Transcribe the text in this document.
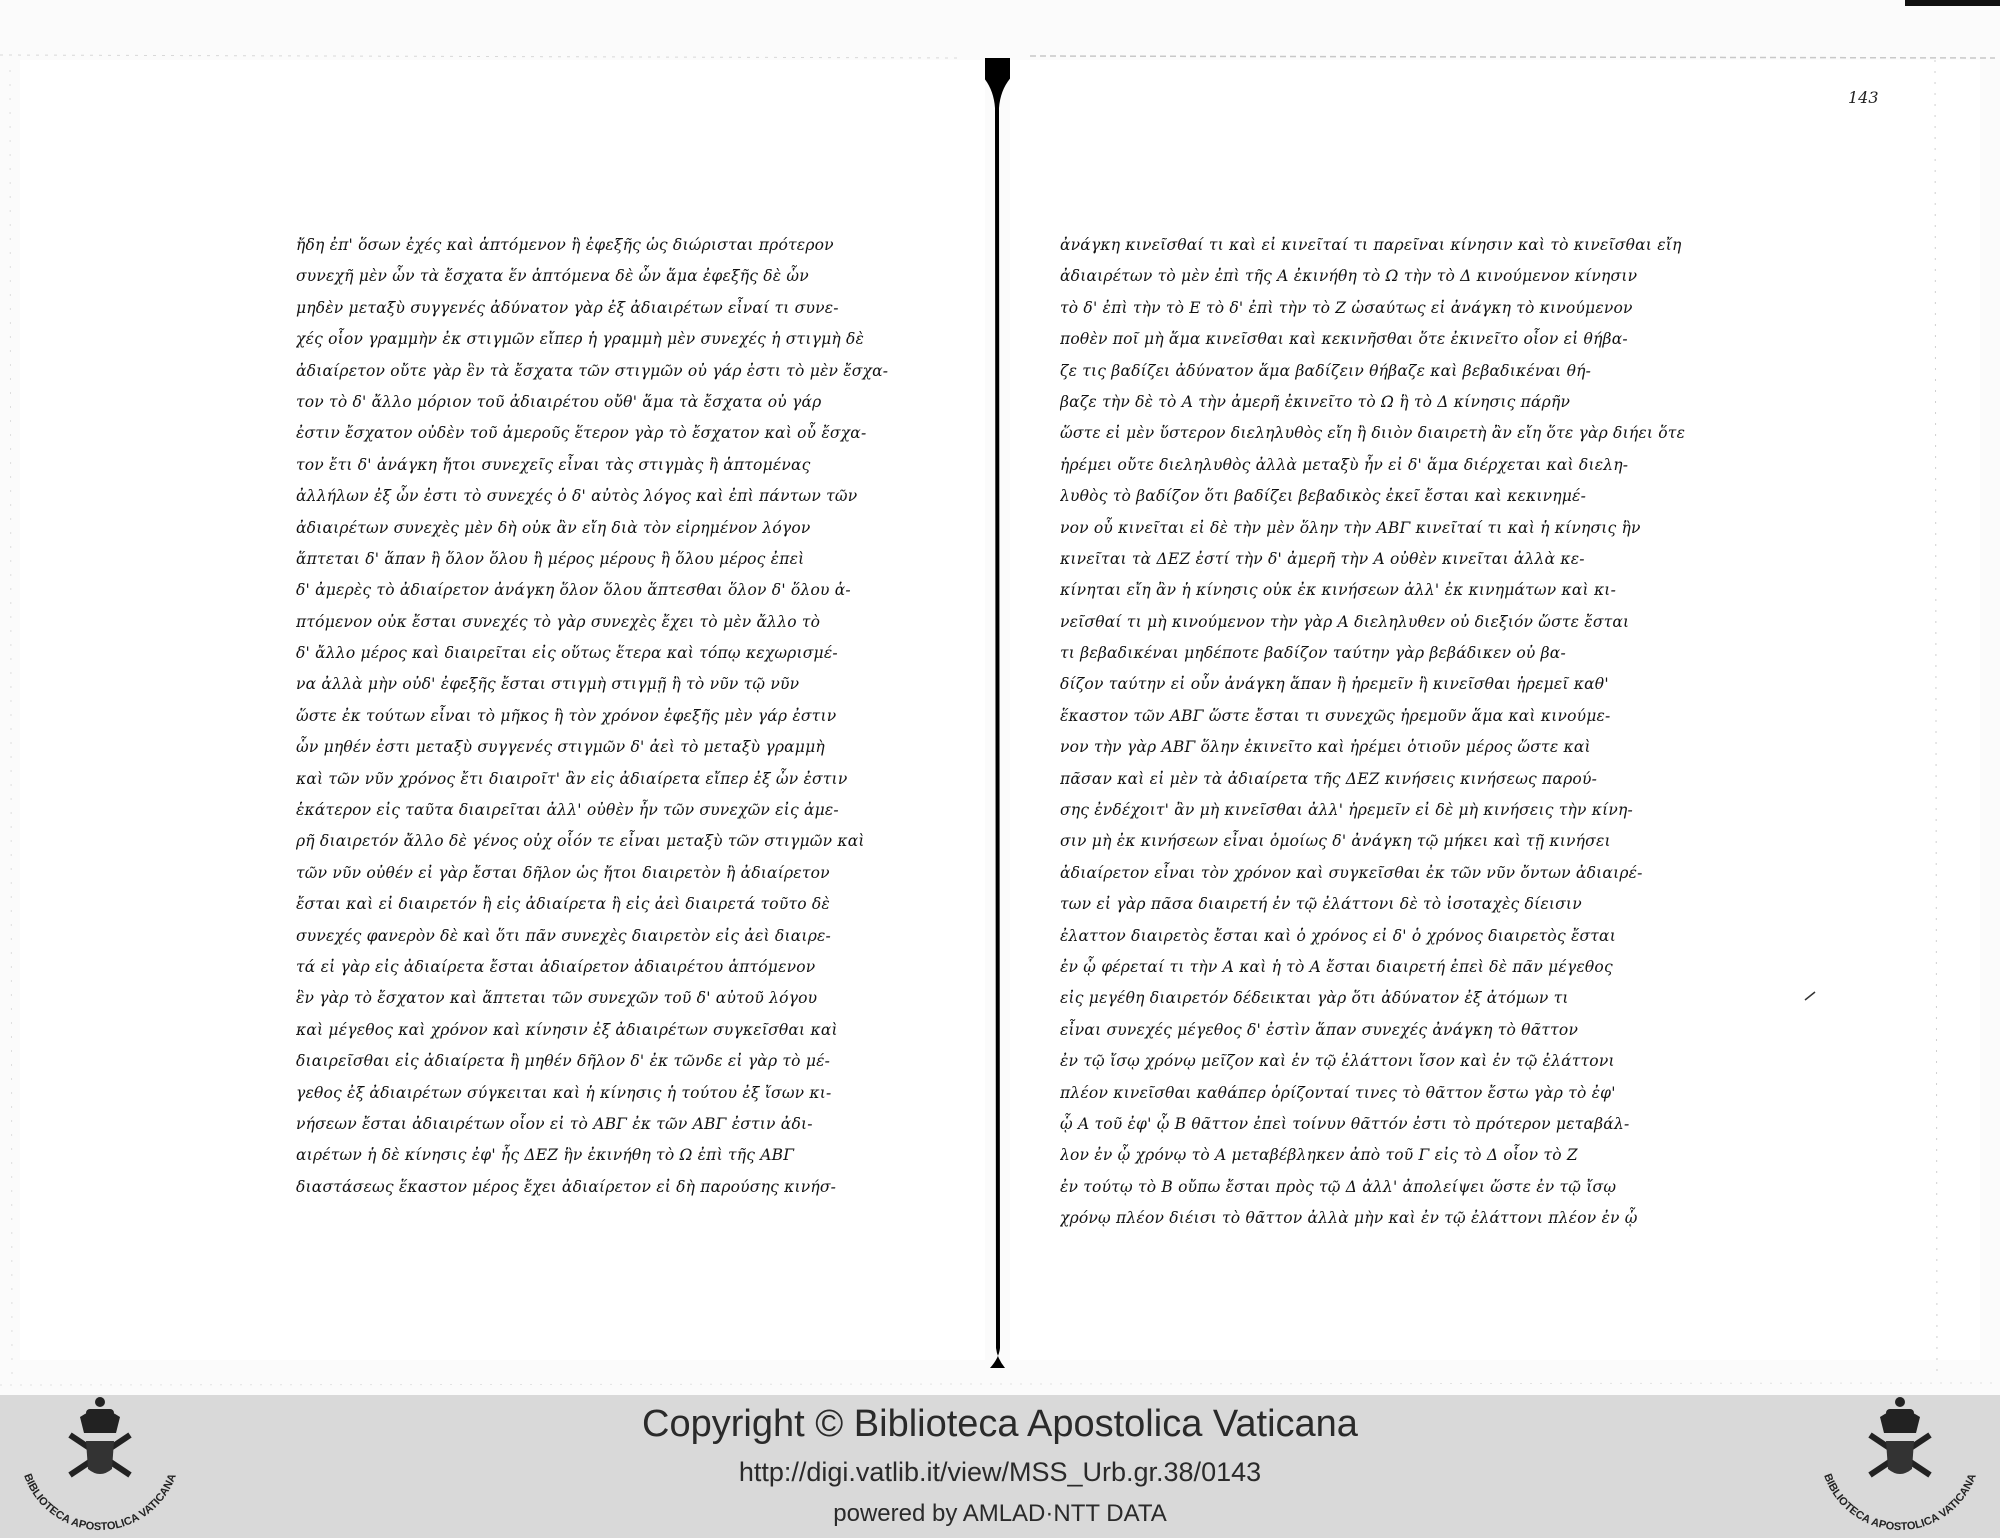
143
ἤδη ἐπ' ὅσων ἐχές καὶ ἁπτόμενον ἢ ἐφεξῆς ὡς διώρισται πρότερον
συνεχῆ μὲν ὧν τὰ ἔσχατα ἕν ἁπτόμενα δὲ ὧν ἅμα ἐφεξῆς δὲ ὧν
μηδὲν μεταξὺ συγγενές ἀδύνατον γὰρ ἐξ ἀδιαιρέτων εἶναί τι συνε-
χές οἷον γραμμὴν ἐκ στιγμῶν εἴπερ ἡ γραμμὴ μὲν συνεχές ἡ στιγμὴ δὲ
ἀδιαίρετον οὔτε γὰρ ἓν τὰ ἔσχατα τῶν στιγμῶν οὐ γάρ ἐστι τὸ μὲν ἔσχα-
τον τὸ δ' ἄλλο μόριον τοῦ ἀδιαιρέτου οὔθ' ἅμα τὰ ἔσχατα οὐ γάρ
ἐστιν ἔσχατον οὐδὲν τοῦ ἀμεροῦς ἕτερον γὰρ τὸ ἔσχατον καὶ οὗ ἔσχα-
τον ἔτι δ' ἀνάγκη ἤτοι συνεχεῖς εἶναι τὰς στιγμὰς ἢ ἁπτομένας
ἀλλήλων ἐξ ὧν ἐστι τὸ συνεχές ὁ δ' αὐτὸς λόγος καὶ ἐπὶ πάντων τῶν
ἀδιαιρέτων συνεχὲς μὲν δὴ οὐκ ἂν εἴη διὰ τὸν εἰρημένον λόγον
ἅπτεται δ' ἅπαν ἢ ὅλον ὅλου ἢ μέρος μέρους ἢ ὅλου μέρος ἐπεὶ
δ' ἀμερὲς τὸ ἀδιαίρετον ἀνάγκη ὅλον ὅλου ἅπτεσθαι ὅλον δ' ὅλου ἁ-
πτόμενον οὐκ ἔσται συνεχές τὸ γὰρ συνεχὲς ἔχει τὸ μὲν ἄλλο τὸ
δ' ἄλλο μέρος καὶ διαιρεῖται εἰς οὕτως ἕτερα καὶ τόπῳ κεχωρισμέ-
να ἀλλὰ μὴν οὐδ' ἐφεξῆς ἔσται στιγμὴ στιγμῇ ἢ τὸ νῦν τῷ νῦν
ὥστε ἐκ τούτων εἶναι τὸ μῆκος ἢ τὸν χρόνον ἐφεξῆς μὲν γάρ ἐστιν
ὧν μηθέν ἐστι μεταξὺ συγγενές στιγμῶν δ' ἀεὶ τὸ μεταξὺ γραμμὴ
καὶ τῶν νῦν χρόνος ἔτι διαιροῖτ' ἂν εἰς ἀδιαίρετα εἴπερ ἐξ ὧν ἐστιν
ἑκάτερον εἰς ταῦτα διαιρεῖται ἀλλ' οὐθὲν ἦν τῶν συνεχῶν εἰς ἀμε-
ρῆ διαιρετόν ἄλλο δὲ γένος οὐχ οἷόν τε εἶναι μεταξὺ τῶν στιγμῶν καὶ
τῶν νῦν οὐθέν εἰ γὰρ ἔσται δῆλον ὡς ἤτοι διαιρετὸν ἢ ἀδιαίρετον
ἔσται καὶ εἰ διαιρετόν ἢ εἰς ἀδιαίρετα ἢ εἰς ἀεὶ διαιρετά τοῦτο δὲ
συνεχές φανερὸν δὲ καὶ ὅτι πᾶν συνεχὲς διαιρετὸν εἰς ἀεὶ διαιρε-
τά εἰ γὰρ εἰς ἀδιαίρετα ἔσται ἀδιαίρετον ἀδιαιρέτου ἁπτόμενον
ἓν γὰρ τὸ ἔσχατον καὶ ἅπτεται τῶν συνεχῶν τοῦ δ' αὐτοῦ λόγου
καὶ μέγεθος καὶ χρόνον καὶ κίνησιν ἐξ ἀδιαιρέτων συγκεῖσθαι καὶ
διαιρεῖσθαι εἰς ἀδιαίρετα ἢ μηθέν δῆλον δ' ἐκ τῶνδε εἰ γὰρ τὸ μέ-
γεθος ἐξ ἀδιαιρέτων σύγκειται καὶ ἡ κίνησις ἡ τούτου ἐξ ἴσων κι-
νήσεων ἔσται ἀδιαιρέτων οἷον εἰ τὸ ΑΒΓ ἐκ τῶν ΑΒΓ ἐστιν ἀδι-
αιρέτων ἡ δὲ κίνησις ἐφ' ἧς ΔΕΖ ἣν ἐκινήθη τὸ Ω ἐπὶ τῆς ΑΒΓ
διαστάσεως ἕκαστον μέρος ἔχει ἀδιαίρετον εἰ δὴ παρούσης κινήσ-
ἀνάγκη κινεῖσθαί τι καὶ εἰ κινεῖταί τι παρεῖναι κίνησιν καὶ τὸ κινεῖσθαι εἴη
ἀδιαιρέτων τὸ μὲν ἐπὶ τῆς Α ἐκινήθη τὸ Ω τὴν τὸ Δ κινούμενον κίνησιν
τὸ δ' ἐπὶ τὴν τὸ Ε τὸ δ' ἐπὶ τὴν τὸ Ζ ὡσαύτως εἰ ἀνάγκη τὸ κινούμενον
ποθὲν ποῖ μὴ ἅμα κινεῖσθαι καὶ κεκινῆσθαι ὅτε ἐκινεῖτο οἷον εἰ θήβα-
ζε τις βαδίζει ἀδύνατον ἅμα βαδίζειν θήβαζε καὶ βεβαδικέναι θή-
βαζε τὴν δὲ τὸ Α τὴν ἀμερῆ ἐκινεῖτο τὸ Ω ἣ τὸ Δ κίνησις πάρῆν
ὥστε εἰ μὲν ὕστερον διεληλυθὸς εἴη ἢ διιὸν διαιρετὴ ἂν εἴη ὅτε γὰρ διήει ὅτε
ἠρέμει οὔτε διεληλυθὸς ἀλλὰ μεταξὺ ἦν εἰ δ' ἅμα διέρχεται καὶ διελη-
λυθὸς τὸ βαδίζον ὅτι βαδίζει βεβαδικὸς ἐκεῖ ἔσται καὶ κεκινημέ-
νον οὗ κινεῖται εἰ δὲ τὴν μὲν ὅλην τὴν ΑΒΓ κινεῖταί τι καὶ ἡ κίνησις ἣν
κινεῖται τὰ ΔΕΖ ἐστί τὴν δ' ἀμερῆ τὴν Α οὐθὲν κινεῖται ἀλλὰ κε-
κίνηται εἴη ἂν ἡ κίνησις οὐκ ἐκ κινήσεων ἀλλ' ἐκ κινημάτων καὶ κι-
νεῖσθαί τι μὴ κινούμενον τὴν γὰρ Α διεληλυθεν οὐ διεξιόν ὥστε ἔσται
τι βεβαδικέναι μηδέποτε βαδίζον ταύτην γὰρ βεβάδικεν οὐ βα-
δίζον ταύτην εἰ οὖν ἀνάγκη ἅπαν ἢ ἠρεμεῖν ἢ κινεῖσθαι ἠρεμεῖ καθ'
ἕκαστον τῶν ΑΒΓ ὥστε ἔσται τι συνεχῶς ἠρεμοῦν ἅμα καὶ κινούμε-
νον τὴν γὰρ ΑΒΓ ὅλην ἐκινεῖτο καὶ ἠρέμει ὁτιοῦν μέρος ὥστε καὶ
πᾶσαν καὶ εἰ μὲν τὰ ἀδιαίρετα τῆς ΔΕΖ κινήσεις κινήσεως παρού-
σης ἐνδέχοιτ' ἂν μὴ κινεῖσθαι ἀλλ' ἠρεμεῖν εἰ δὲ μὴ κινήσεις τὴν κίνη-
σιν μὴ ἐκ κινήσεων εἶναι ὁμοίως δ' ἀνάγκη τῷ μήκει καὶ τῇ κινήσει
ἀδιαίρετον εἶναι τὸν χρόνον καὶ συγκεῖσθαι ἐκ τῶν νῦν ὄντων ἀδιαιρέ-
των εἰ γὰρ πᾶσα διαιρετή ἐν τῷ ἐλάττονι δὲ τὸ ἰσοταχὲς δίεισιν
ἐλαττον διαιρετὸς ἔσται καὶ ὁ χρόνος εἰ δ' ὁ χρόνος διαιρετὸς ἔσται
ἐν ᾧ φέρεταί τι τὴν Α καὶ ἡ τὸ Α ἔσται διαιρετή ἐπεὶ δὲ πᾶν μέγεθος
εἰς μεγέθη διαιρετόν δέδεικται γὰρ ὅτι ἀδύνατον ἐξ ἀτόμων τι
εἶναι συνεχές μέγεθος δ' ἐστὶν ἅπαν συνεχές ἀνάγκη τὸ θᾶττον
ἐν τῷ ἴσῳ χρόνῳ μεῖζον καὶ ἐν τῷ ἐλάττονι ἴσον καὶ ἐν τῷ ἐλάττονι
πλέον κινεῖσθαι καθάπερ ὁρίζονταί τινες τὸ θᾶττον ἔστω γὰρ τὸ ἐφ'
ᾧ Α τοῦ ἐφ' ᾧ Β θᾶττον ἐπεὶ τοίνυν θᾶττόν ἐστι τὸ πρότερον μεταβάλ-
λον ἐν ᾧ χρόνῳ τὸ Α μεταβέβληκεν ἀπὸ τοῦ Γ εἰς τὸ Δ οἷον τὸ Ζ
ἐν τούτῳ τὸ Β οὔπω ἔσται πρὸς τῷ Δ ἀλλ' ἀπολείψει ὥστε ἐν τῷ ἴσῳ
χρόνῳ πλέον διέισι τὸ θᾶττον ἀλλὰ μὴν καὶ ἐν τῷ ἐλάττονι πλέον ἐν ᾧ
BIBLIOTECA APOSTOLICA VATICANA
Copyright © Biblioteca Apostolica Vaticana
http://digi.vatlib.it/view/MSS_Urb.gr.38/0143
powered by AMLAD·NTT DATA
BIBLIOTECA APOSTOLICA VATICANA
